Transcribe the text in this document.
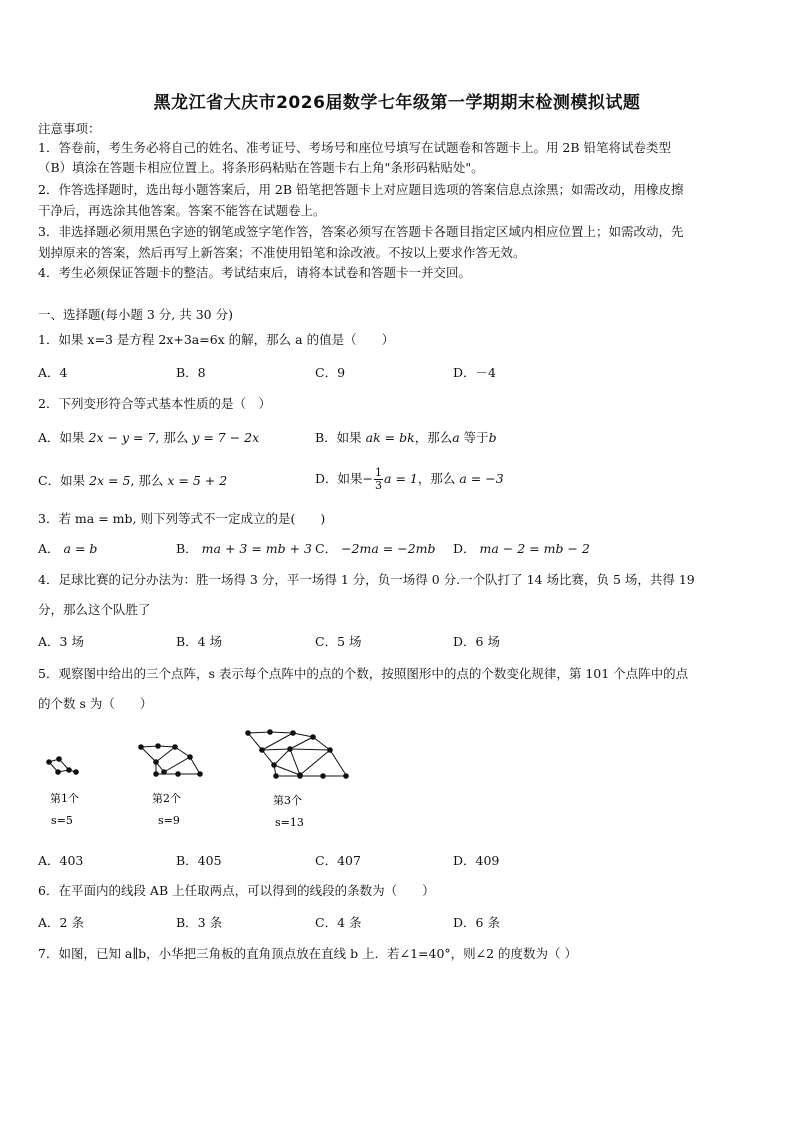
黑龙江省大庆市2026届数学七年级第一学期期末检测模拟试题
注意事项：
1．答卷前，考生务必将自己的姓名、准考证号、考场号和座位号填写在试题卷和答题卡上。用 2B 铅笔将试卷类型
（B）填涂在答题卡相应位置上。将条形码粘贴在答题卡右上角"条形码粘贴处"。
2．作答选择题时，选出每小题答案后，用 2B 铅笔把答题卡上对应题目选项的答案信息点涂黑；如需改动，用橡皮擦
干净后，再选涂其他答案。答案不能答在试题卷上。
3．非选择题必须用黑色字迹的钢笔或签字笔作答，答案必须写在答题卡各题目指定区域内相应位置上；如需改动，先
划掉原来的答案，然后再写上新答案；不准使用铅笔和涂改液。不按以上要求作答无效。
4．考生必须保证答题卡的整洁。考试结束后，请将本试卷和答题卡一并交回。
一、选择题(每小题 3 分, 共 30 分)
1．如果 x=3 是方程 2x+3a=6x 的解，那么 a 的值是（　　）
A．4	B．8	C．9	D．－4
2．下列变形符合等式基本性质的是（　）
A．如果 2x − y = 7, 那么 y = 7 − 2x	B．如果 ak = bk，那么a 等于b
C．如果 2x = 5, 那么 x = 5 + 2	D．如果− $\frac{1}{3}$ a = 1，那么 a = −3
3．若 ma = mb, 则下列等式不一定成立的是(　　)
A． a = b	B． ma + 3 = mb + 3 C． −2ma = −2mb D． ma − 2 = mb − 2
4．足球比赛的记分办法为：胜一场得 3 分，平一场得 1 分，负一场得 0 分.一个队打了 14 场比赛，负 5 场，共得 19
分，那么这个队胜了
A．3 场	B．4 场	C．5 场	D．6 场
5．观察图中给出的三个点阵，s 表示每个点阵中的点的个数，按照图形中的点的个数变化规律，第 101 个点阵中的点
的个数 s 为（　　）
第1个
s=5
第2个
s=9
第3个
s=13
A．403	B．405	C．407	D．409
6．在平面内的线段 AB 上任取两点，可以得到的线段的条数为（　　）
A．2 条	B．3 条	C．4 条	D．6 条
7．如图，已知 a∥b，小华把三角板的直角顶点放在直线 b 上．若∠1=40°，则∠2 的度数为（ ）
